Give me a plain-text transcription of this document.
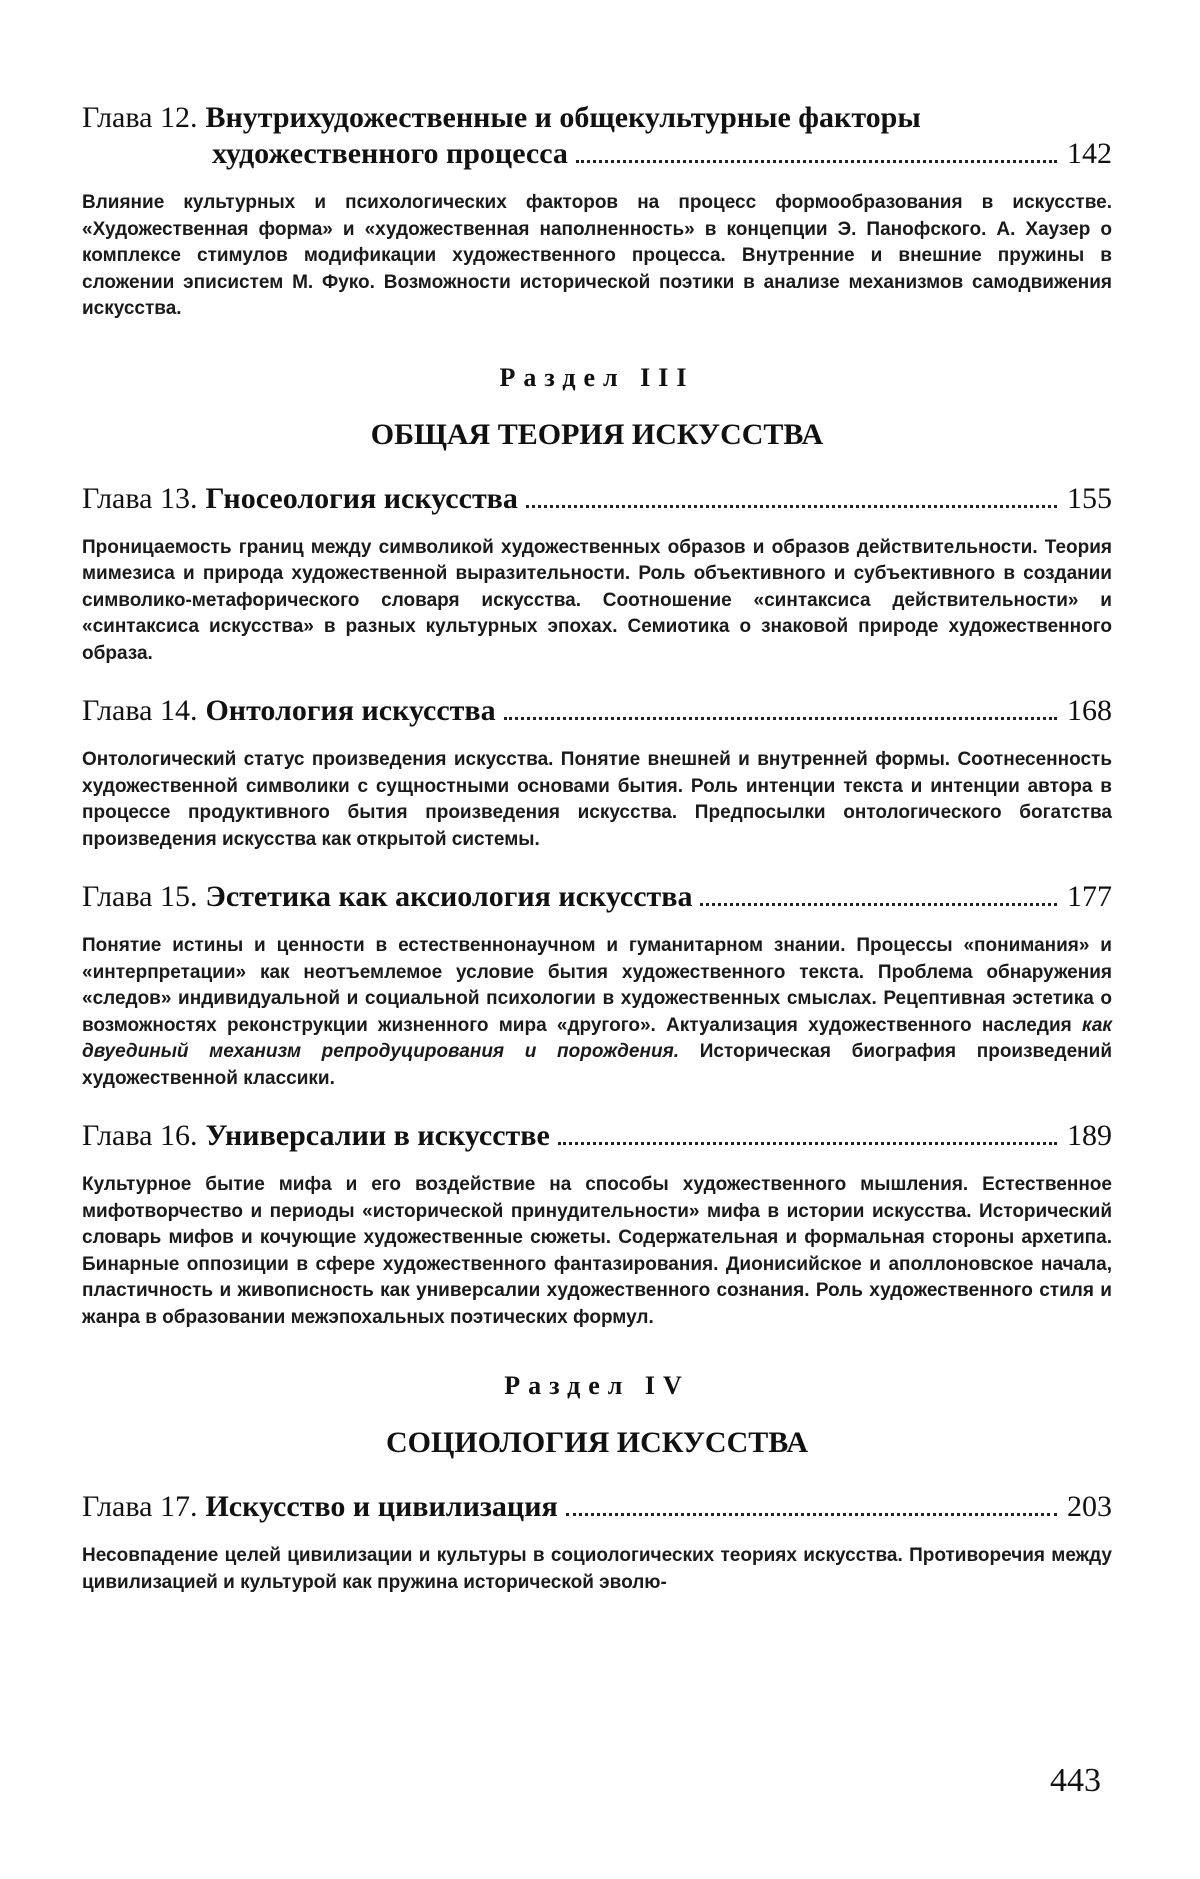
Глава 12. Внутрихудожественные и общекультурные факторы
художественного процесса	142

Влияние культурных и психологических факторов на процесс формообразования в искусстве. «Художественная форма» и «художественная наполненность» в концепции Э. Панофского. А. Хаузер о комплексе стимулов модификации художественного процесса. Внутренние и внешние пружины в сложении эписистем М. Фуко. Возможности исторической поэтики в анализе механизмов самодвижения искусства.

Раздел III
ОБЩАЯ ТЕОРИЯ ИСКУССТВА
Глава 13. Гносеология искусства	155

Проницаемость границ между символикой художественных образов и образов действительности. Теория мимезиса и природа художественной выразительности. Роль объективного и субъективного в создании символико-метафорического словаря искусства. Соотношение «синтаксиса действительности» и «синтаксиса искусства» в разных культурных эпохах. Семиотика о знаковой природе художественного образа.

Глава 14. Онтология искусства	168

Онтологический статус произведения искусства. Понятие внешней и внутренней формы. Соотнесенность художественной символики с сущностными основами бытия. Роль интенции текста и интенции автора в процессе продуктивного бытия произведения искусства. Предпосылки онтологического богатства произведения искусства как открытой системы.

Глава 15. Эстетика как аксиология искусства	177

Понятие истины и ценности в естественнонаучном и гуманитарном знании. Процессы «понимания» и «интерпретации» как неотъемлемое условие бытия художественного текста. Проблема обнаружения «следов» индивидуальной и социальной психологии в художественных смыслах. Рецептивная эстетика о возможностях реконструкции жизненного мира «другого». Актуализация художественного наследия как двуединый механизм репродуцирования и порождения. Историческая биография произведений художественной классики.

Глава 16. Универсалии в искусстве	189

Культурное бытие мифа и его воздействие на способы художественного мышления. Естественное мифотворчество и периоды «исторической принудительности» мифа в истории искусства. Исторический словарь мифов и кочующие художественные сюжеты. Содержательная и формальная стороны архетипа. Бинарные оппозиции в сфере художественного фантазирования. Дионисийское и аполлоновское начала, пластичность и живописность как универсалии художественного сознания. Роль художественного стиля и жанра в образовании межэпохальных поэтических формул.

Раздел IV
СОЦИОЛОГИЯ ИСКУССТВА
Глава 17. Искусство и цивилизация	203

Несовпадение целей цивилизации и культуры в социологических теориях искусства. Противоречия между цивилизацией и культурой как пружина исторической эволю-

443
